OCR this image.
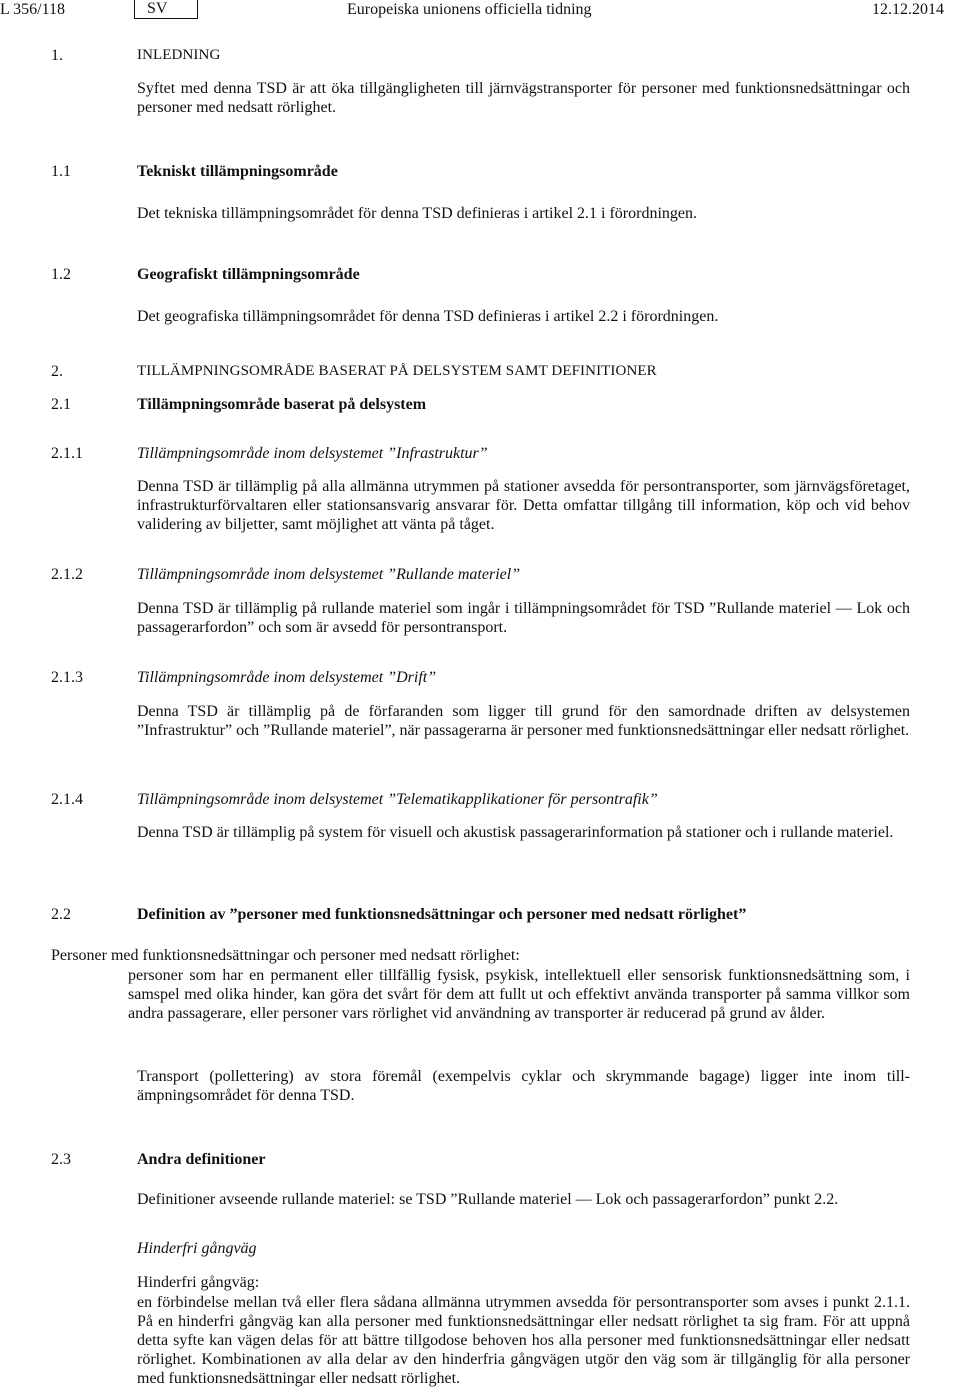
L 356/118	SV	Europeiska unionens officiella tidning	12.12.2014
1.	INLEDNING

Syftet med denna TSD är att öka tillgängligheten till järnvägstransporter för personer med funktionsnedsättningar och personer med nedsatt rörlighet.

1.1	Tekniskt tillämpningsområde

Det tekniska tillämpningsområdet för denna TSD definieras i artikel 2.1 i förordningen.

1.2	Geografiskt tillämpningsområde

Det geografiska tillämpningsområdet för denna TSD definieras i artikel 2.2 i förordningen.

2.	TILLÄMPNINGSOMRÅDE BASERAT PÅ DELSYSTEM SAMT DEFINITIONER
2.1	Tillämpningsområde baserat på delsystem
2.1.1	Tillämpningsområde inom delsystemet ”Infrastruktur”

Denna TSD är tillämplig på alla allmänna utrymmen på stationer avsedda för persontransporter, som järnvägsföretaget, infrastrukturförvaltaren eller stationsansvarig ansvarar för. Detta omfattar tillgång till information, köp och vid behov validering av biljetter, samt möjlighet att vänta på tåget.

2.1.2	Tillämpningsområde inom delsystemet ”Rullande materiel”

Denna TSD är tillämplig på rullande materiel som ingår i tillämpningsområdet för TSD ”Rullande materiel — Lok och passagerarfordon” och som är avsedd för persontransport.

2.1.3	Tillämpningsområde inom delsystemet ”Drift”

Denna TSD är tillämplig på de förfaranden som ligger till grund för den samordnade driften av delsystemen ”Infrastruktur” och ”Rullande materiel”, när passagerarna är personer med funktionsnedsättningar eller nedsatt rörlighet.

2.1.4	Tillämpningsområde inom delsystemet ”Telematikapplikationer för persontrafik”

Denna TSD är tillämplig på system för visuell och akustisk passagerarinformation på stationer och i rullande materiel.

2.2	Definition av ”personer med funktionsnedsättningar och personer med nedsatt rörlighet”
Personer med funktionsnedsättningar och personer med nedsatt rörlighet:

personer som har en permanent eller tillfällig fysisk, psykisk, intellektuell eller sensorisk funktionsnedsättning som, i samspel med olika hinder, kan göra det svårt för dem att fullt ut och effektivt använda transporter på samma villkor som andra passagerare, eller personer vars rörlighet vid användning av transporter är reducerad på grund av ålder.

Transport (pollettering) av stora föremål (exempelvis cyklar och skrymmande bagage) ligger inte inom tillämpningsområdet för denna TSD.

2.3	Andra definitioner

Definitioner avseende rullande materiel: se TSD ”Rullande materiel — Lok och passagerarfordon” punkt 2.2.

Hinderfri gångväg

Hinderfri gångväg:

en förbindelse mellan två eller flera sådana allmänna utrymmen avsedda för persontransporter som avses i punkt 2.1.1. På en hinderfri gångväg kan alla personer med funktionsnedsättningar eller nedsatt rörlighet ta sig fram. För att uppnå detta syfte kan vägen delas för att bättre tillgodose behoven hos alla personer med funktionsnedsättningar eller nedsatt rörlighet. Kombinationen av alla delar av den hinderfria gångvägen utgör den väg som är tillgänglig för alla personer med funktionsnedsättningar eller nedsatt rörlighet.
